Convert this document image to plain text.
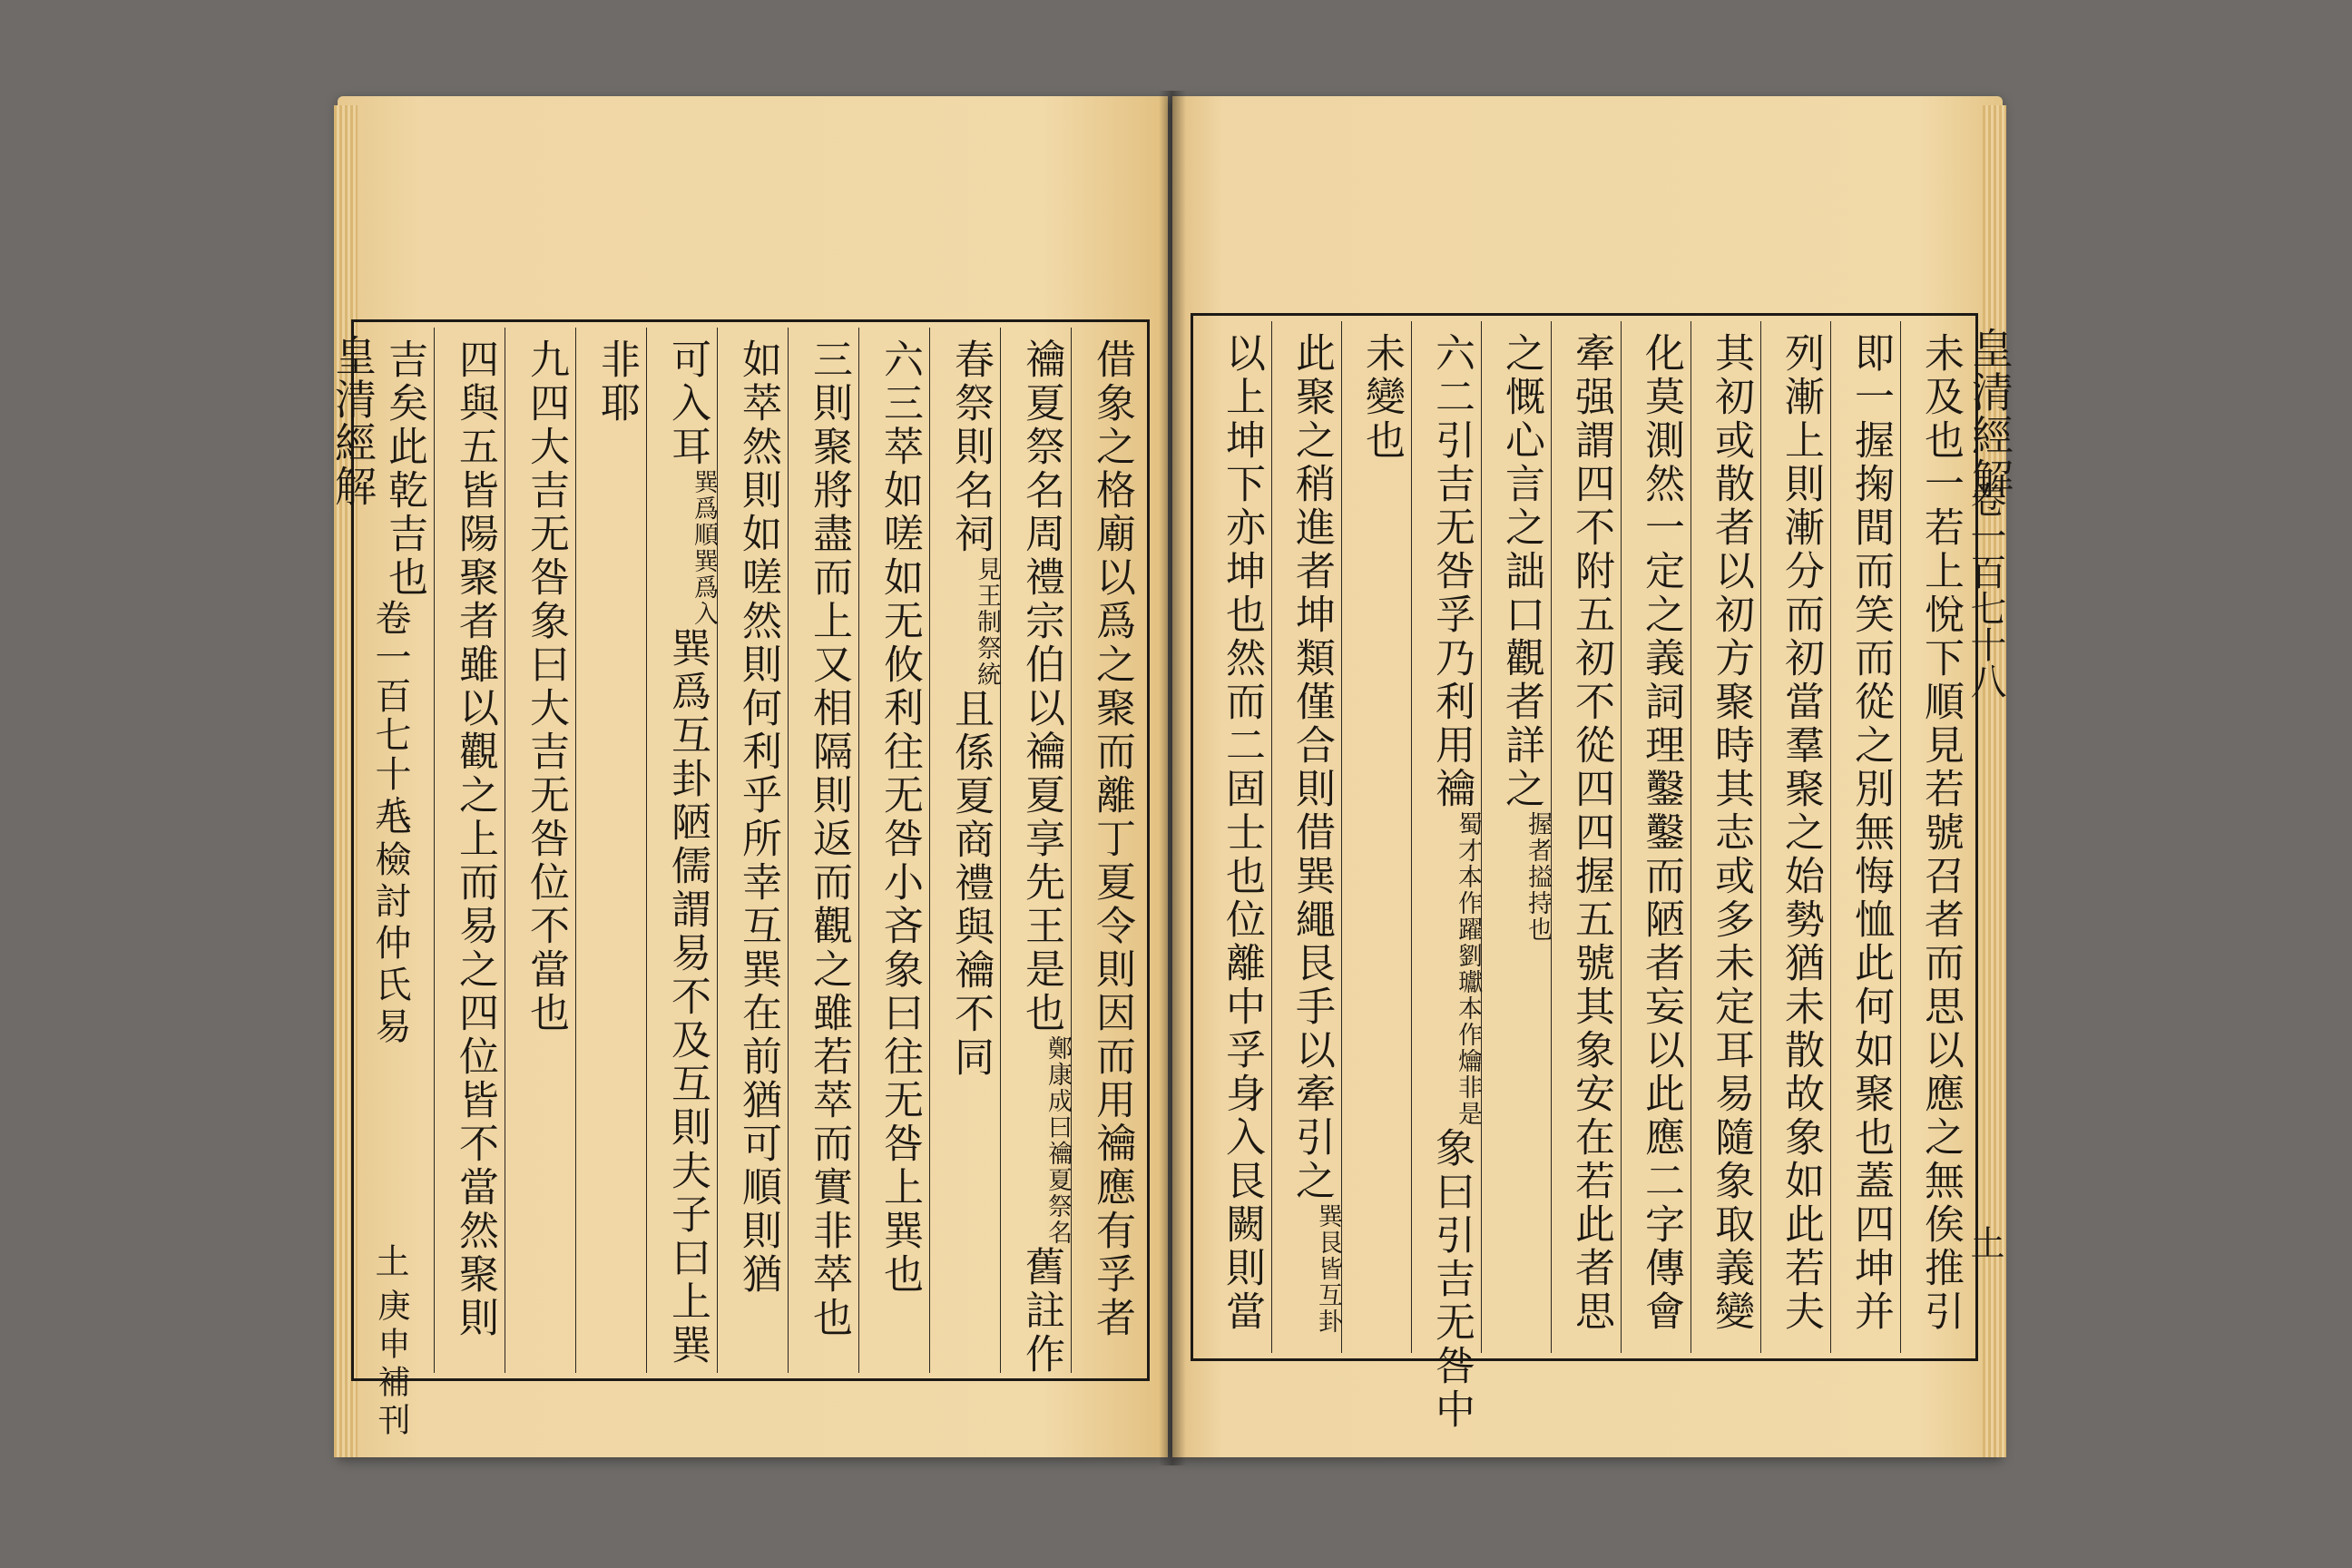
借象之格廟以爲之聚而離丁夏令則因而用禴應有孚者
禴夏祭名周禮宗伯以禴夏享先王是也
鄭康成曰禴夏祭名
舊註作
春祭則名祠
見王制祭統
且係夏商禮與禴不同
六三萃如嗟如无攸利往无咎小吝象曰往无咎上巽也
三則聚將盡而上又相隔則返而觀之雖若萃而實非萃也
如萃然則如嗟然則何利乎所幸互巽在前猶可順則猶
可入耳
巽爲順巽爲入
巽爲互卦陋儒謂易不及互則夫子曰上巽
非耶
九四大吉无咎象曰大吉无咎位不當也
四與五皆陽聚者雖以觀之上而易之四位皆不當然聚則
吉矣此乾吉也
皇清經解
卷一百七十八
毛檢討仲氏易
土
庚申補刊
未及也一若上悅下順見若號召者而思以應之無俟推引
即一握掬間而笑而從之別無悔恤此何如聚也蓋四坤并
列漸上則漸分而初當羣聚之始勢猶未散故象如此若夫
其初或散者以初方聚時其志或多未定耳易隨象取義變
化莫測然一定之義詞理鑿鑿而陋者妄以此應二字傳會
牽强謂四不附五初不從四四握五號其象安在若此者思
之慨心言之詘口觀者詳之
握者搤持也
六二引吉无咎孚乃利用禴
蜀才本作躍劉瓛本作爚非是
象曰引吉无咎中
未變也
此聚之稍進者坤類僅合則借巽繩艮手以牽引之
巽艮皆互卦
以上坤下亦坤也然而二固士也位離中孚身入艮闕則當	皇清經解
卷一百七十八
土
